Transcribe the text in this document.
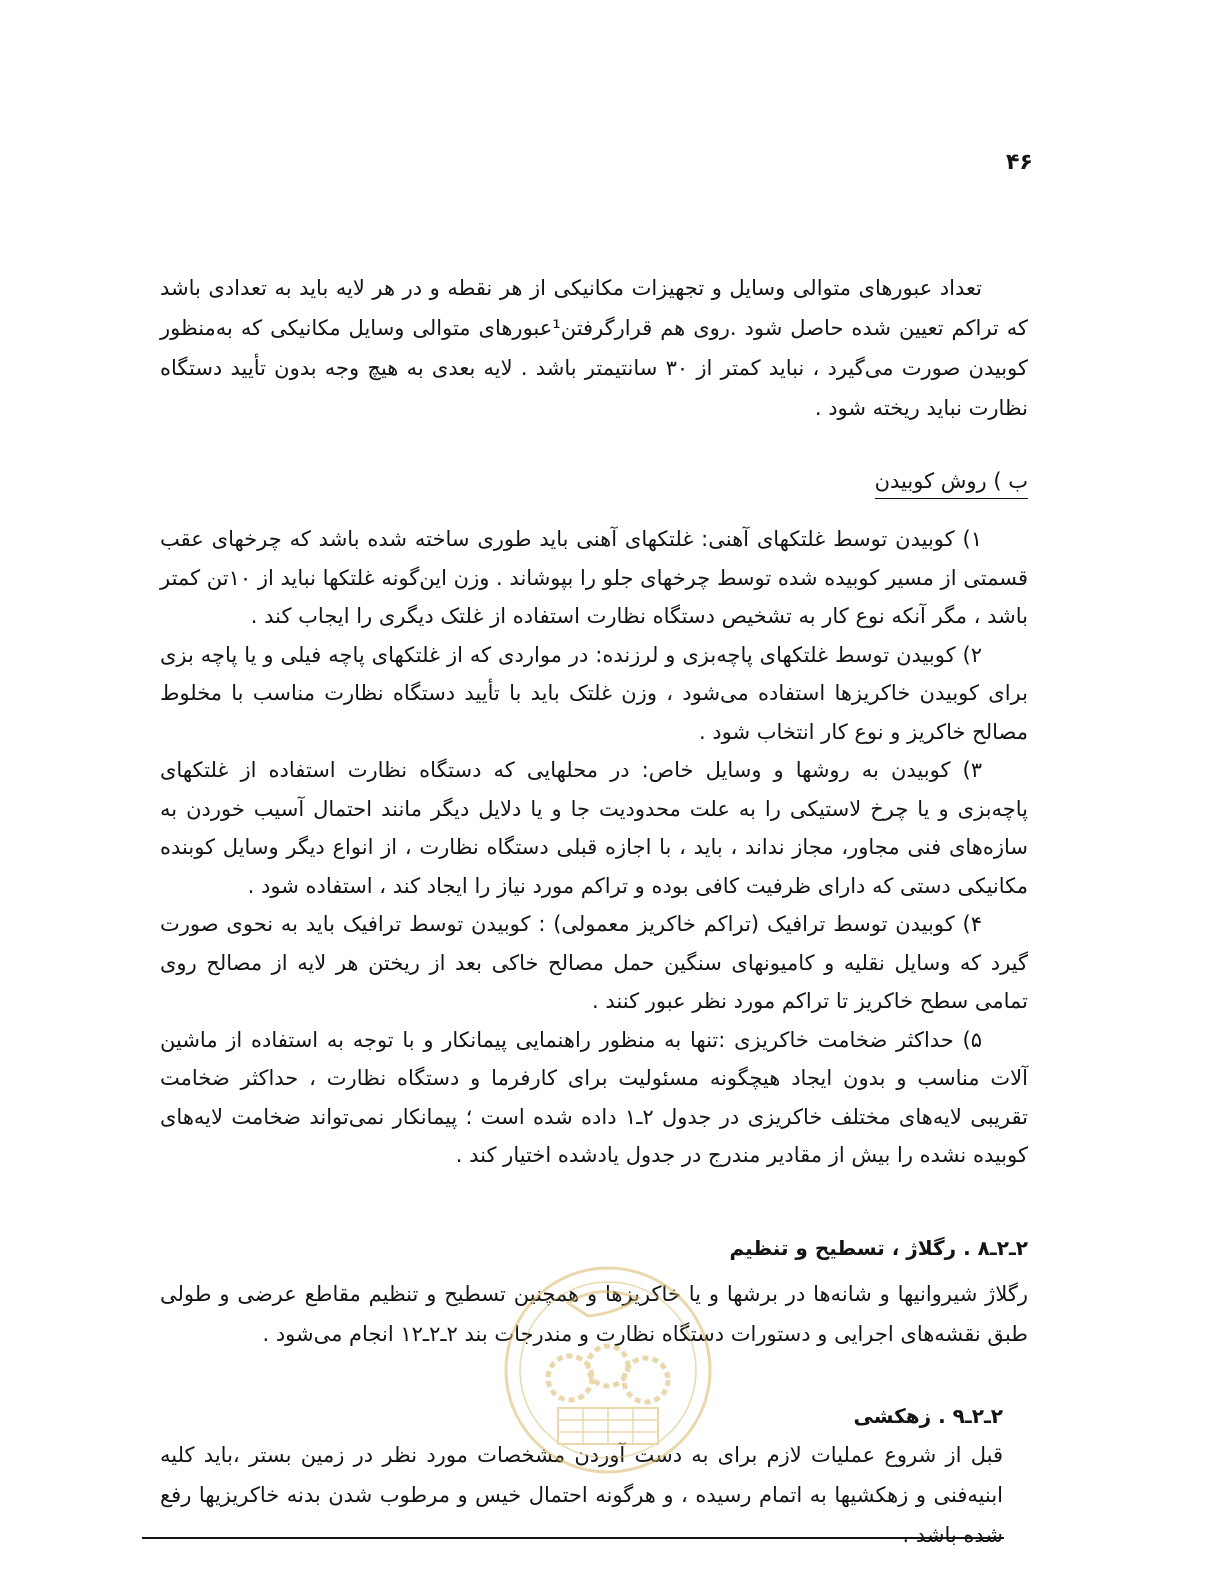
۴۶

تعداد عبورهای متوالی وسایل و تجهیزات مکانیکی از هر نقطه و در هر لایه باید به تعدادی باشد که تراکم تعیین شده حاصل شود .روی هم قرارگرفتن¹عبورهای متوالی وسایل مکانیکی که به‌منظور کوبیدن صورت می‌گیرد ، نباید کمتر از ۳۰ سانتیمتر باشد . لایه بعدی به هیچ وجه بدون تأیید دستگاه نظارت نباید ریخته شود .

ب ) روش کوبیدن

۱) کوبیدن توسط غلتکهای آهنی: غلتکهای آهنی باید طوری ساخته شده باشد که چرخهای عقب قسمتی از مسیر کوبیده شده توسط چرخهای جلو را بپوشاند . وزن این‌گونه غلتکها نباید از ۱۰تن کمتر باشد ، مگر آنکه نوع کار به تشخیص دستگاه نظارت استفاده از غلتک دیگری را ایجاب کند .

۲) کوبیدن توسط غلتکهای پاچه‌بزی و لرزنده: در مواردی که از غلتکهای پاچه فیلی و یا پاچه بزی برای کوبیدن خاکریزها استفاده می‌شود ، وزن غلتک باید با تأیید دستگاه نظارت مناسب با مخلوط مصالح خاکریز و نوع کار انتخاب شود .

۳) کوبیدن به روشها و وسایل خاص: در محلهایی که دستگاه نظارت استفاده از غلتکهای پاچه‌بزی و یا چرخ لاستیکی را به علت محدودیت جا و یا دلایل دیگر مانند احتمال آسیب خوردن به سازه‌های فنی مجاور، مجاز نداند ، باید ، با اجازه قبلی دستگاه نظارت ، از انواع دیگر وسایل کوبنده مکانیکی دستی که دارای ظرفیت کافی بوده و تراکم مورد نیاز را ایجاد کند ، استفاده شود .

۴) کوبیدن توسط ترافیک (تراکم خاکریز معمولی) : کوبیدن توسط ترافیک باید به نحوی صورت گیرد که وسایل نقلیه و کامیونهای سنگین حمل مصالح خاکی بعد از ریختن هر لایه از مصالح روی تمامی سطح خاکریز تا تراکم مورد نظر عبور کنند .

۵) حداکثر ضخامت خاکریزی :تنها به منظور راهنمایی پیمانکار و با توجه به استفاده از ماشین آلات مناسب و بدون ایجاد هیچگونه مسئولیت برای کارفرما و دستگاه نظارت ، حداکثر ضخامت تقریبی لایه‌های مختلف خاکریزی در جدول ۲ـ۱ داده شده است ؛ پیمانکار نمی‌تواند ضخامت لایه‌های کوبیده نشده را بیش از مقادیر مندرج در جدول یادشده اختیار کند .

۲ـ۲ـ۸ . رگلاژ ، تسطیح و تنظیم
رگلاژ شیروانیها و شانه‌ها در برشها و یا خاکریزها و همچنین تسطیح و تنظیم مقاطع عرضی و طولی طبق نقشه‌های اجرایی و دستورات دستگاه نظارت و مندرجات بند ۲ـ۲ـ۱۲ انجام می‌شود .
۲ـ۲ـ۹ . زهکشی
قبل از شروع عملیات لازم برای به دست آوردن مشخصات مورد نظر در زمین بستر ،باید کلیه ابنیه‌فنی و زهکشیها به اتمام رسیده ، و هرگونه احتمال خیس و مرطوب شدن بدنه خاکریزیها رفع شده باشد .
